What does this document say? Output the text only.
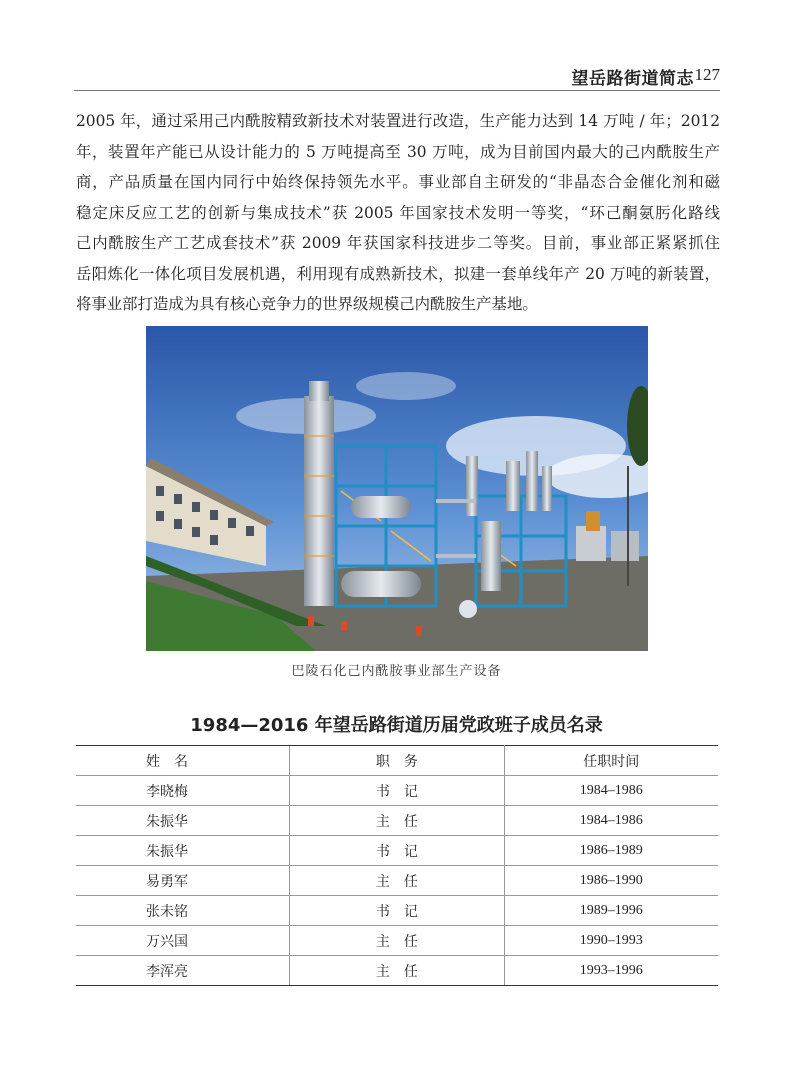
望岳路街道简志 127
2005 年，通过采用己内酰胺精致新技术对装置进行改造，生产能力达到 14 万吨 / 年；2012
年，装置年产能已从设计能力的 5 万吨提高至 30 万吨，成为目前国内最大的己内酰胺生产
商，产品质量在国内同行中始终保持领先水平。事业部自主研发的“非晶态合金催化剂和磁
稳定床反应工艺的创新与集成技术”获 2005 年国家技术发明一等奖，“环己酮氨肟化路线
己内酰胺生产工艺成套技术”获 2009 年获国家科技进步二等奖。目前，事业部正紧紧抓住
岳阳炼化一体化项目发展机遇，利用现有成熟新技术，拟建一套单线年产 20 万吨的新装置，
将事业部打造成为具有核心竞争力的世界级规模己内酰胺生产基地。
巴陵石化己内酰胺事业部生产设备
1984—2016 年望岳路街道历届党政班子成员名录
姓　名	职　务	任职时间
李晓梅	书　记	1984–1986
朱振华	主　任	1984–1986
朱振华	书　记	1986–1989
易勇军	主　任	1986–1990
张未铭	书　记	1989–1996
万兴国	主　任	1990–1993
李浑亮	主　任	1993–1996
